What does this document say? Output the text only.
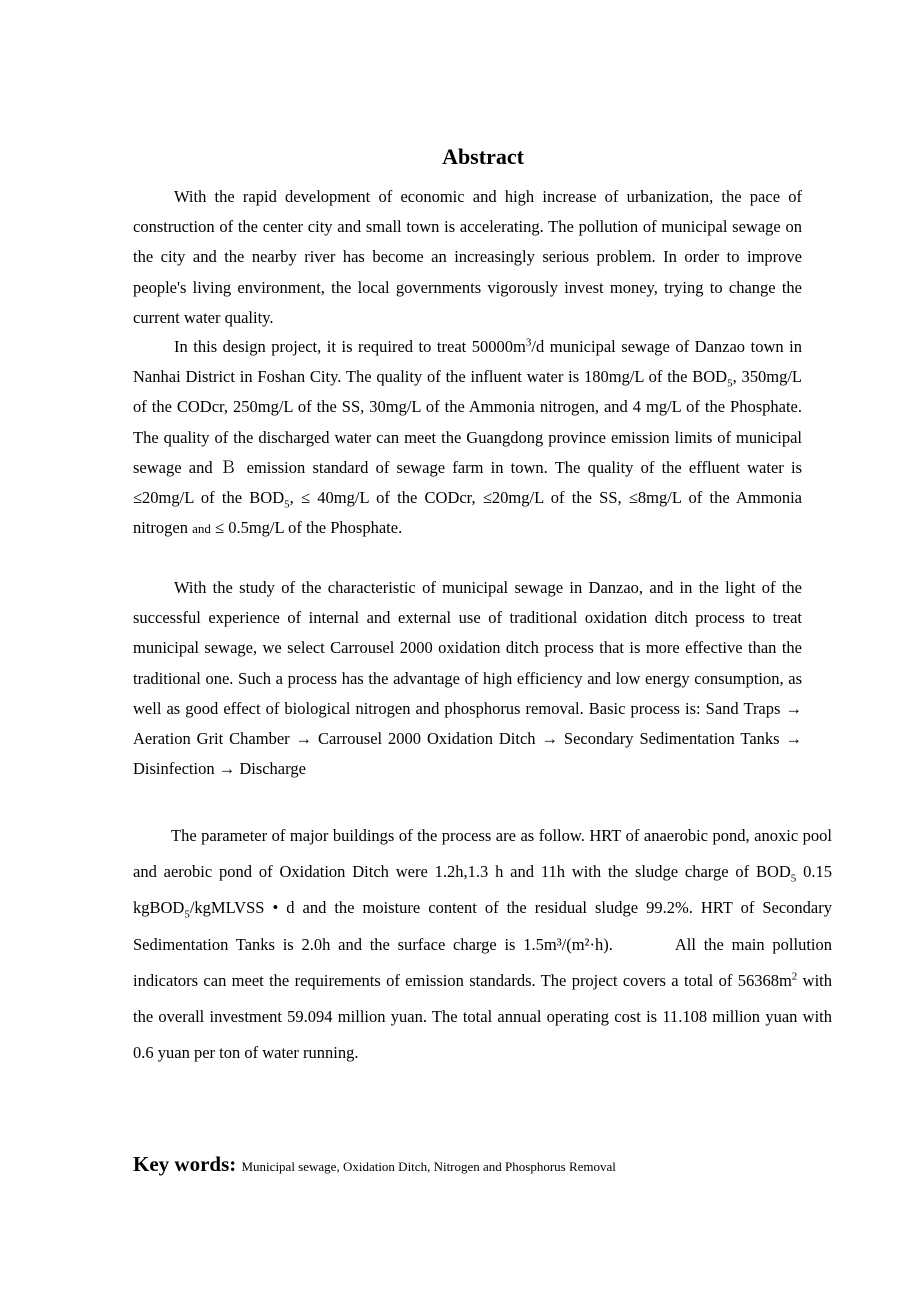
Abstract

With the rapid development of economic and high increase of urbanization, the pace of construction of the center city and small town is accelerating. The pollution of municipal sewage on the city and the nearby river has become an increasingly serious problem. In order to improve people's living environment, the local governments vigorously invest money, trying to change the current water quality.

In this design project, it is required to treat $50000m^3/d$ municipal sewage of Danzao town in Nanhai District in Foshan City. The quality of the influent water is 180mg/L of the $BOD_5$, 350mg/L of the CODcr, 250mg/L of the SS, 30mg/L of the Ammonia nitrogen, and 4 mg/L of the Phosphate. The quality of the discharged water can meet the Guangdong province emission limits of municipal sewage and Ｂ emission standard of sewage farm in town. The quality of the effluent water is ≤20mg/L of the $BOD_5$, ≤ 40mg/L of the CODcr, ≤20mg/L of the SS, ≤8mg/L of the Ammonia nitrogen and ≤ 0.5mg/L of the Phosphate.

With the study of the characteristic of municipal sewage in Danzao, and in the light of the successful experience of internal and external use of traditional oxidation ditch process to treat municipal sewage, we select Carrousel 2000 oxidation ditch process that is more effective than the traditional one. Such a process has the advantage of high efficiency and low energy consumption, as well as good effect of biological nitrogen and phosphorus removal. Basic process is: Sand Traps → Aeration Grit Chamber → Carrousel 2000 Oxidation Ditch → Secondary Sedimentation Tanks → Disinfection → Discharge

The parameter of major buildings of the process are as follow. HRT of anaerobic pond, anoxic pool and aerobic pond of Oxidation Ditch were 1.2h,1.3 h and 11h with the sludge charge of $BOD_5$ 0.15 kgBOD$_5$/kgMLVSS • d and the moisture content of the residual sludge 99.2%. HRT of Secondary Sedimentation Tanks is 2.0h and the surface charge is 1.5m³/(m²·h).	All the main pollution indicators can meet the requirements of emission standards. The project covers a total of $56368m^2$ with the overall investment 59.094 million yuan. The total annual operating cost is 11.108 million yuan with 0.6 yuan per ton of water running.

Key words: Municipal sewage, Oxidation Ditch, Nitrogen and Phosphorus Removal
